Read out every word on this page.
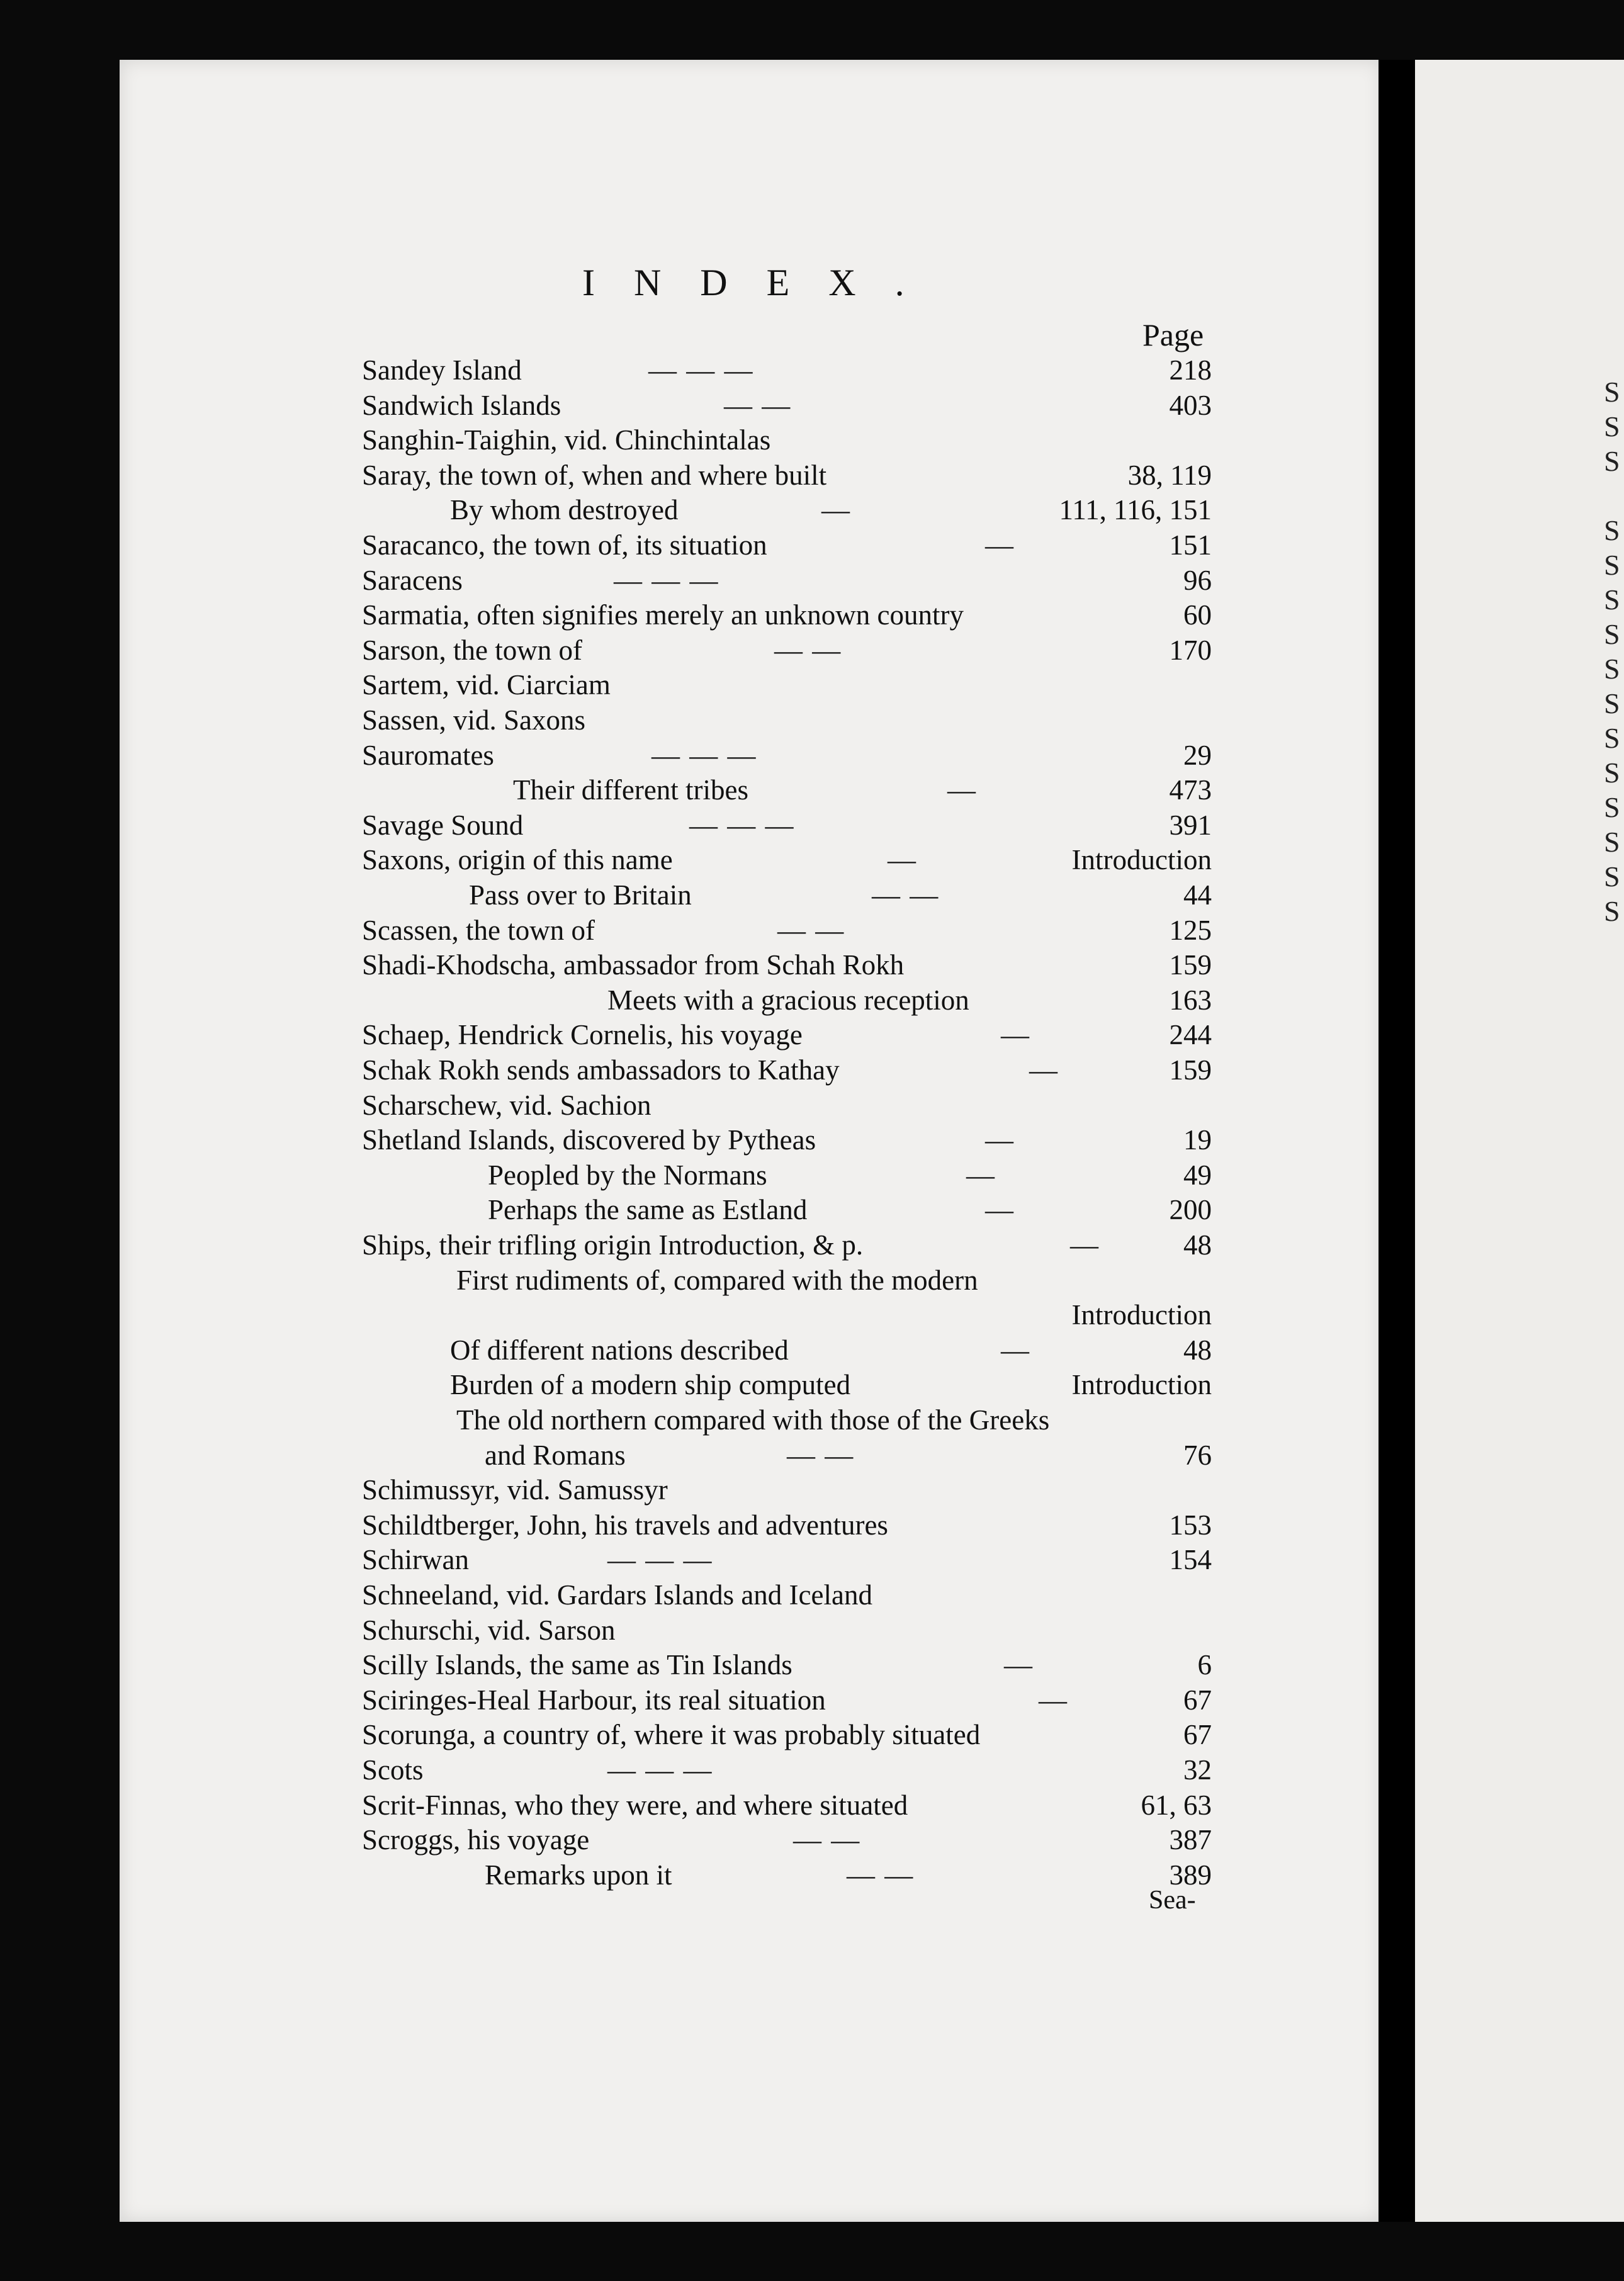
S
S
S
S
S
S
S
S
S
S
S
S
S
S
S
INDEX.
Page
Sandey Island	— — —	218
Sandwich Islands	— —	403
Sanghin-Taighin, vid. Chinchintalas
Saray, the town of, when and where built	38, 119
By whom destroyed	—	111, 116, 151
Saracanco, the town of, its situation	—	151
Saracens	— — —	96
Sarmatia, often signifies merely an unknown country	60
Sarson, the town of	— —	170
Sartem, vid. Ciarciam
Sassen, vid. Saxons
Sauromates	— — —	29
Their different tribes	—	473
Savage Sound	— — —	391
Saxons, origin of this name	—	Introduction
Pass over to Britain	— —	44
Scassen, the town of	— —	125
Shadi-Khodscha, ambassador from Schah Rokh	159
Meets with a gracious reception	163
Schaep, Hendrick Cornelis, his voyage	—	244
Schak Rokh sends ambassadors to Kathay	—	159
Scharschew, vid. Sachion
Shetland Islands, discovered by Pytheas	—	19
Peopled by the Normans	—	49
Perhaps the same as Estland	—	200
Ships, their trifling origin Introduction, & p.	—	48
First rudiments of, compared with the modern
Introduction
Of different nations described	—	48
Burden of a modern ship computed	Introduction
The old northern compared with those of the Greeks
and Romans	— —	76
Schimussyr, vid. Samussyr
Schildtberger, John, his travels and adventures	153
Schirwan	— — —	154
Schneeland, vid. Gardars Islands and Iceland
Schurschi, vid. Sarson
Scilly Islands, the same as Tin Islands	—	6
Sciringes-Heal Harbour, its real situation	—	67
Scorunga, a country of, where it was probably situated	67
Scots	— — —	32
Scrit-Finnas, who they were, and where situated	61, 63
Scroggs, his voyage	— —	387
Remarks upon it	— —	389
Sea-
